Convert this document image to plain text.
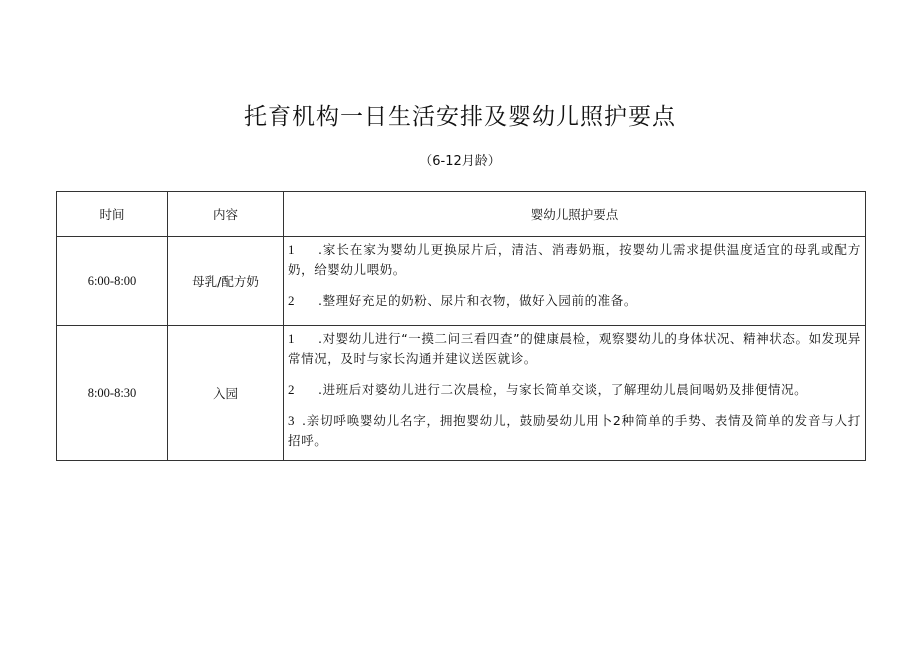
托育机构一日生活安排及婴幼儿照护要点
（6-12月龄）
时间	内容	婴幼儿照护要点
6:00-8:00	母乳/配方奶	1 .家长在家为婴幼儿更换尿片后，清洁、消毒奶瓶，按婴幼儿需求提供温度适宜的母乳或配方奶，给婴幼儿喂奶。

2 .整理好充足的奶粉、尿片和衣物，做好入园前的准备。

8:00-8:30	入园	1 .对婴幼儿进行“一摸二问三看四查”的健康晨检，观察婴幼儿的身体状况、精神状态。如发现异常情况，及时与家长沟通并建议送医就诊。

2 .进班后对婆幼儿进行二次晨检，与家长简单交谈，了解理幼儿晨间喝奶及排便情况。

3 .亲切呼唤婴幼儿名字，拥抱婴幼儿，鼓励晏幼儿用卜2种简单的手势、表情及简单的发音与人打招呼。
